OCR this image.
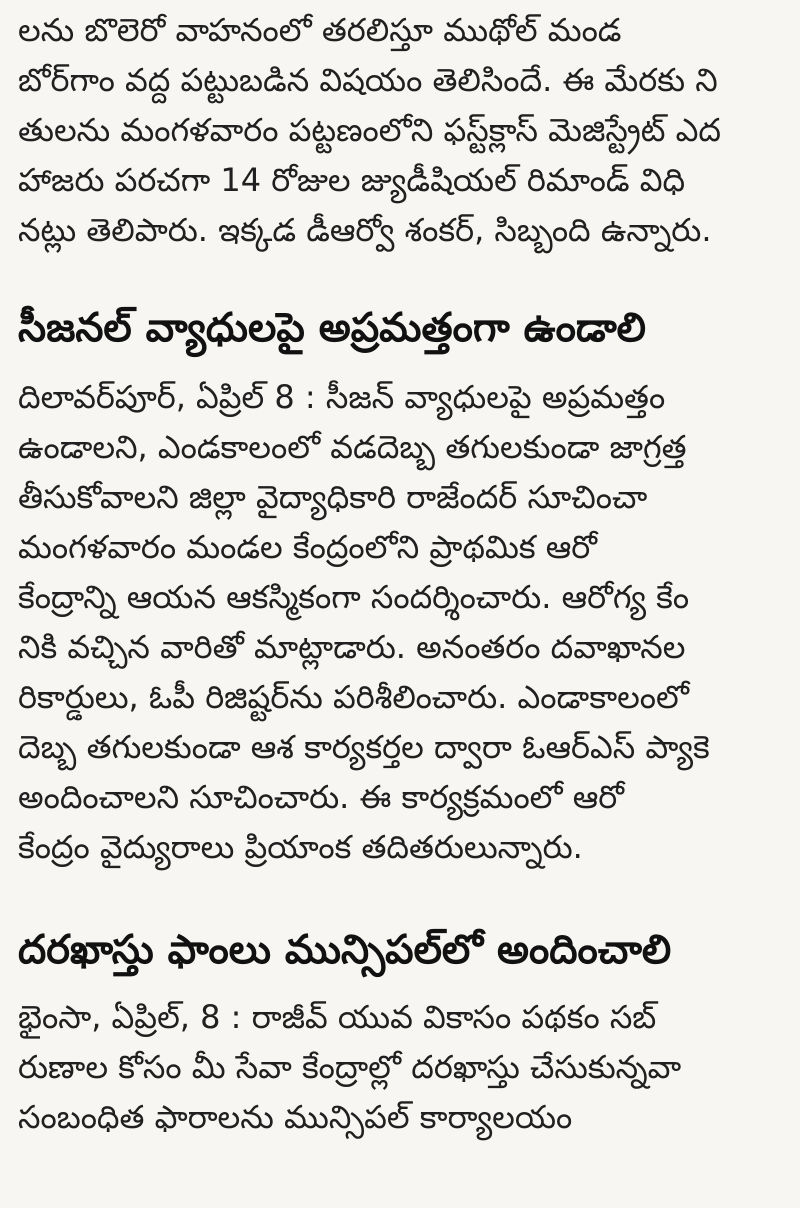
లను బొలెరో వాహనంలో తరలిస్తూ ముథోల్ మండ
బోర్‌గాం వద్ద పట్టుబడిన విషయం తెలిసిందే. ఈ మేరకు ని
తులను మంగళవారం పట్టణంలోని ఫస్ట్‌క్లాస్ మెజిస్ట్రేట్ ఎద
హాజరు పరచగా 14 రోజుల జ్యుడీషియల్ రిమాండ్ విధి
నట్లు తెలిపారు. ఇక్కడ డీఆర్వో శంకర్, సిబ్బంది ఉన్నారు.
సీజనల్ వ్యాధులపై అప్రమత్తంగా ఉండాలి
దిలావర్‌పూర్, ఏప్రిల్ 8 : సీజన్ వ్యాధులపై అప్రమత్తం
ఉండాలని, ఎండకాలంలో వడదెబ్బ తగులకుండా జాగ్రత్త
తీసుకోవాలని జిల్లా వైద్యాధికారి రాజేందర్ సూచించా
మంగళవారం మండల కేంద్రంలోని ప్రాథమిక ఆరో
కేంద్రాన్ని ఆయన ఆకస్మికంగా సందర్శించారు. ఆరోగ్య కేం
నికి వచ్చిన వారితో మాట్లాడారు. అనంతరం దవాఖానల
రికార్డులు, ఓపీ రిజిష్టర్‌ను పరిశీలించారు. ఎండాకాలంలో
దెబ్బ తగులకుండా ఆశ కార్యకర్తల ద్వారా ఓఆర్ఎస్ ప్యాకె
అందించాలని సూచించారు. ఈ కార్యక్రమంలో ఆరో
కేంద్రం వైద్యురాలు ప్రియాంక తదితరులున్నారు.
దరఖాస్తు ఫాంలు మున్సిపల్‌లో అందించాలి
భైంసా, ఏప్రిల్, 8 : రాజీవ్ యువ వికాసం పథకం సబ్
రుణాల కోసం మీ సేవా కేంద్రాల్లో దరఖాస్తు చేసుకున్నవా
సంబంధిత ఫారాలను మున్సిపల్ కార్యాలయం
